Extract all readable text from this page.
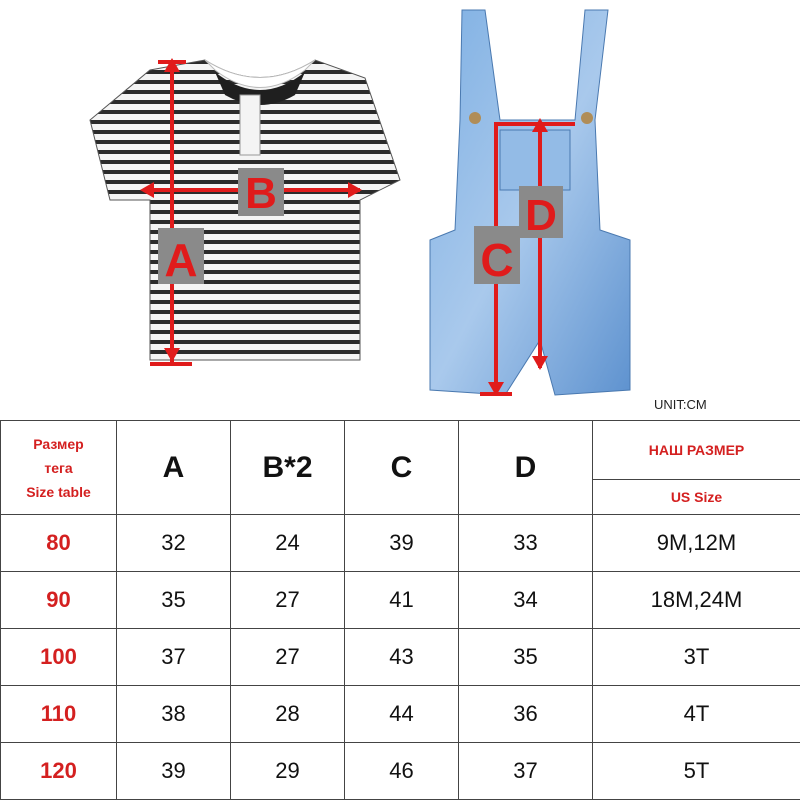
A
B
C
D
UNIT:CM
Размер
тега
Size table	A	B*2	C	D	НАШ РАЗМЕР
					US Size
80	32	24	39	33	9M,12M
90	35	27	41	34	18M,24M
100	37	27	43	35	3T
110	38	28	44	36	4T
120	39	29	46	37	5T
